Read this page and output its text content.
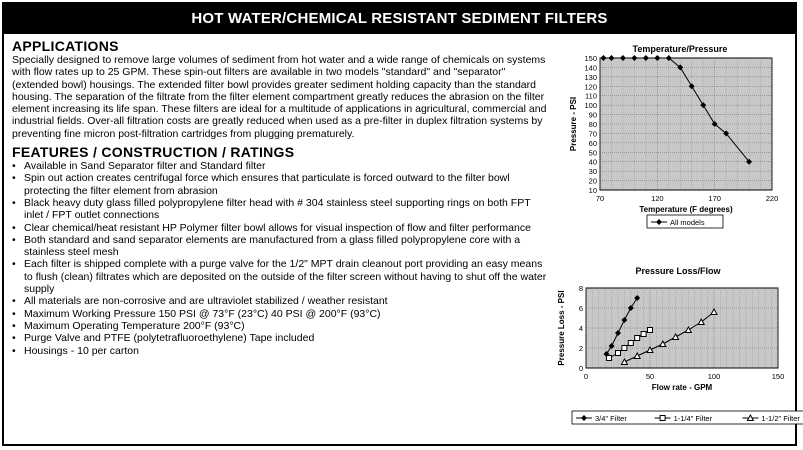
HOT WATER/CHEMICAL RESISTANT SEDIMENT FILTERS
APPLICATIONS

Specially designed to remove large volumes of sediment from hot water and a wide range of chemicals on systems with flow rates up to 25 GPM. These spin-out filters are available in two models "standard" and "separator" (extended bowl) housings. The extended filter bowl provides greater sediment holding capacity than the standard housing. The separation of the filtrate from the filter element compartment greatly reduces the abrasion on the filter element increasing its life span. These filters are ideal for a multitude of applications in agricultural, commercial and industrial fields. Over-all filtration costs are greatly reduced when used as a pre-filter in duplex filtration systems by preventing fine micron post-filtration cartridges from plugging prematurely.

FEATURES / CONSTRUCTION / RATINGS
• Available in Sand Separator filter and Standard filter
• Spin out action creates centrifugal force which ensures that particulate is forced outward to the filter bowl protecting the filter element from abrasion
• Black heavy duty glass filled polypropylene filter head with # 304 stainless steel supporting rings on both FPT inlet / FPT outlet connections
• Clear chemical/heat resistant HP Polymer filter bowl allows for visual inspection of flow and filter performance
• Both standard and sand separator elements are manufactured from a glass filled polypropylene core with a stainless steel mesh
• Each filter is shipped complete with a purge valve for the 1/2" MPT drain cleanout port providing an easy means to flush (clean) filtrates which are deposited on the outside of the filter screen without having to shut off the water supply
• All materials are non-corrosive and are ultraviolet stabilized / weather resistant
• Maximum Working Pressure 150 PSI @ 73°F (23°C) 40 PSI @ 200°F (93°C)
• Maximum Operating Temperature 200°F (93°C)
• Purge Valve and PTFE (polytetrafluoroethylene) Tape included
• Housings - 10 per carton
Temperature/Pressure
10
20
30
40
50
60
70
80
90
100
110
120
130
140
150
70	120	170	220
Temperature (F degrees)
Pressure - PSI
All models
Pressure Loss/Flow
0
2
4
6
8
0	50	100	150
Flow rate - GPM
Pressure Loss - PSI
3/4" Filter	1-1/4" Filter	1-1/2" Filter
